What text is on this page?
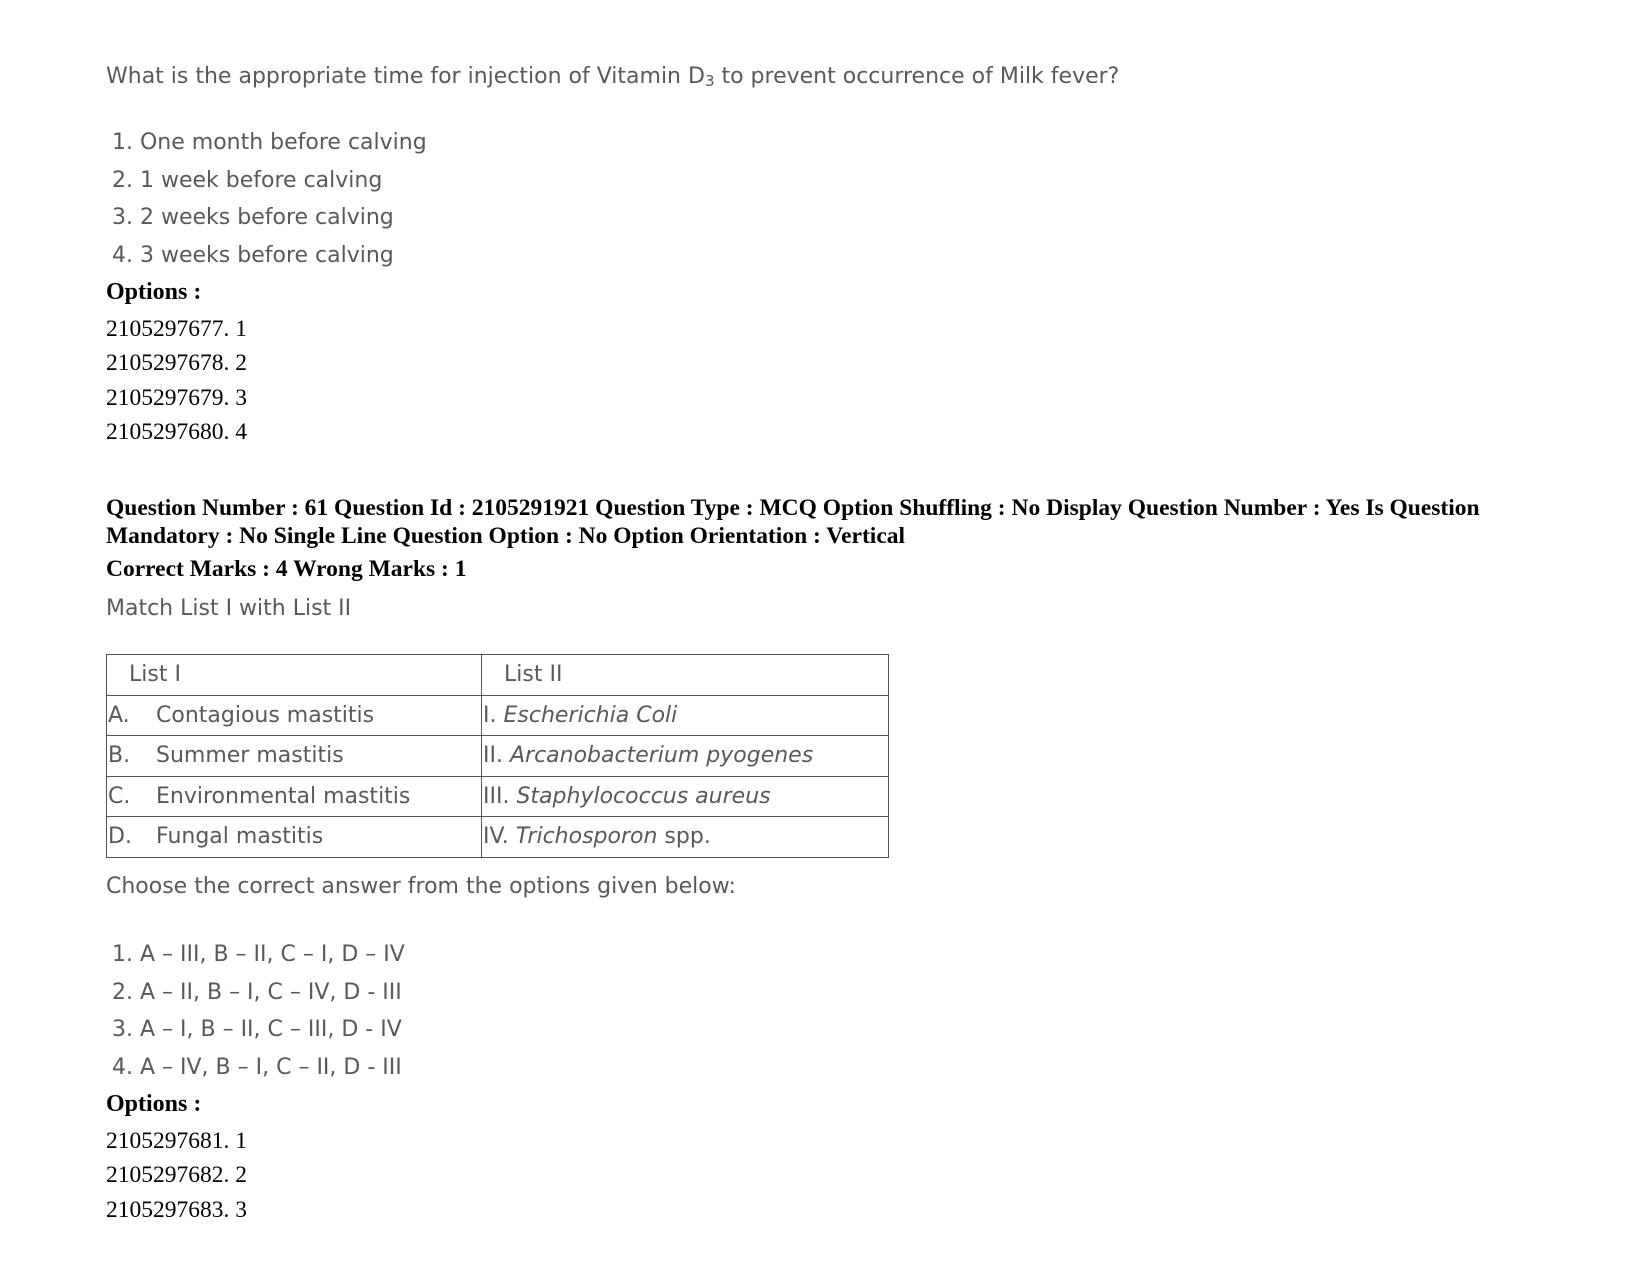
What is the appropriate time for injection of Vitamin $D_3$ to prevent occurrence of Milk fever?
1. One month before calving
2. 1 week before calving
3. 2 weeks before calving
4. 3 weeks before calving
Options :
2105297677. 1
2105297678. 2
2105297679. 3
2105297680. 4
Question Number : 61 Question Id : 2105291921 Question Type : MCQ Option Shuffling : No Display Question Number : Yes Is Question Mandatory : No Single Line Question Option : No Option Orientation : Vertical
Correct Marks : 4 Wrong Marks : 1
Match List I with List II
List I	List II
A. Contagious mastitis	I. Escherichia Coli
B. Summer mastitis	II. Arcanobacterium pyogenes
C. Environmental mastitis	III. Staphylococcus aureus
D. Fungal mastitis	IV. Trichosporon spp.
Choose the correct answer from the options given below:
1. A – III, B – II, C – I, D – IV
2. A – II, B – I, C – IV, D - III
3. A – I, B – II, C – III, D - IV
4. A – IV, B – I, C – II, D - III
Options :
2105297681. 1
2105297682. 2
2105297683. 3
